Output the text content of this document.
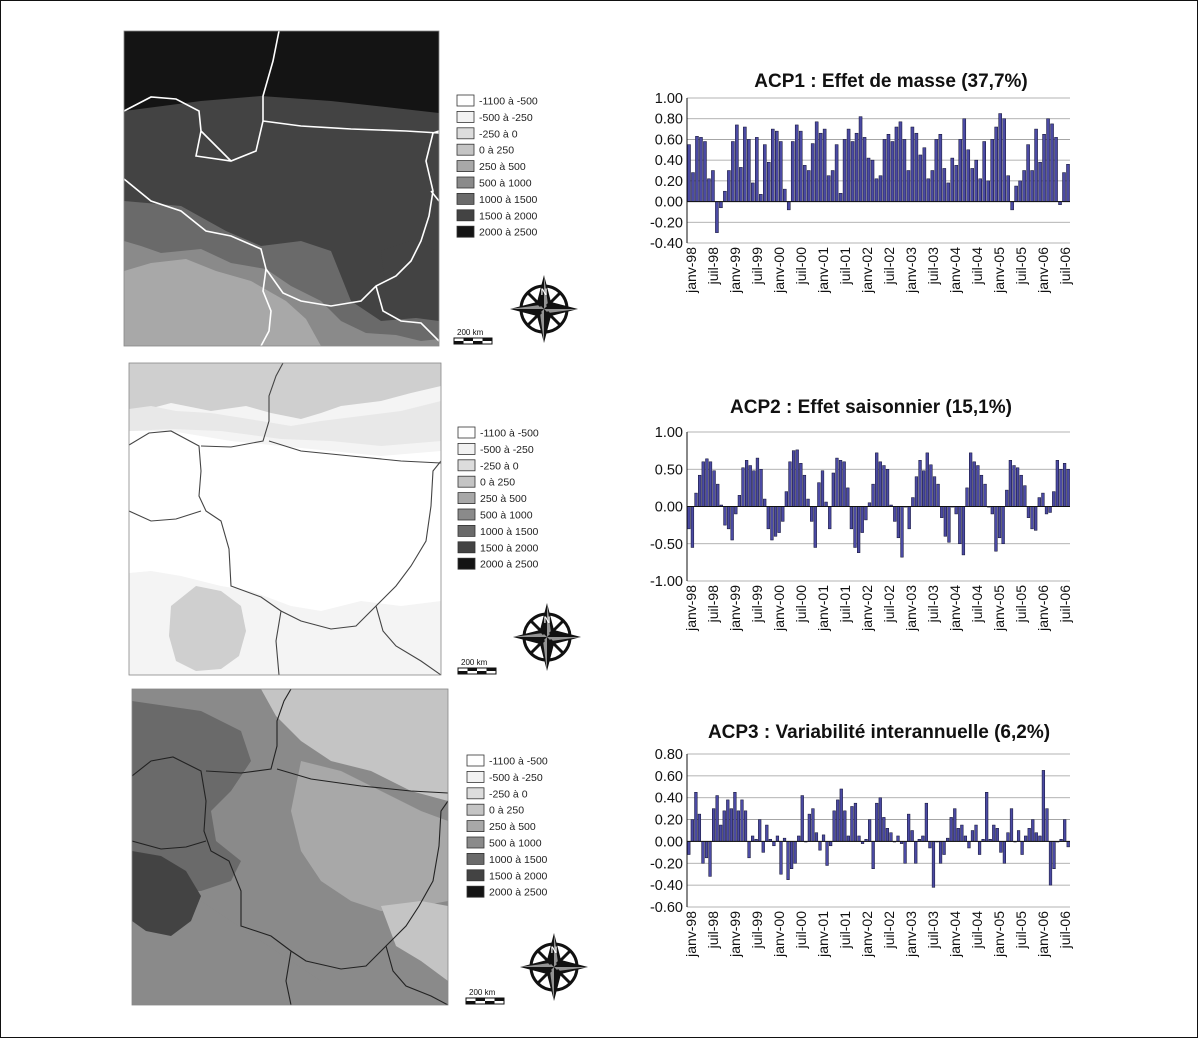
-1100 à -500
-500 à -250
-250 à 0
0 à 250
250 à 500
500 à 1000
1000 à 1500
1500 à 2000
2000 à 2500
-1100 à -500
-500 à -250
-250 à 0
0 à 250
250 à 500
500 à 1000
1000 à 1500
1500 à 2000
2000 à 2500
-1100 à -500
-500 à -250
-250 à 0
0 à 250
250 à 500
500 à 1000
1000 à 1500
1500 à 2000
2000 à 2500
N
N
N
200 km
200 km
200 km
ACP1 : Effet de masse (37,7%)
1.00
0.80
0.60
0.40
0.20
0.00
-0.20
-0.40
janv-98 juil-98 janv-99 juil-99 janv-00 juil-00 janv-01 juil-01 janv-02 juil-02 janv-03 juil-03 janv-04 juil-04 janv-05 juil-05 janv-06 juil-06
ACP2 : Effet saisonnier (15,1%)
1.00
0.50
0.00
-0.50
-1.00
janv-98 juil-98 janv-99 juil-99 janv-00 juil-00 janv-01 juil-01 janv-02 juil-02 janv-03 juil-03 janv-04 juil-04 janv-05 juil-05 janv-06 juil-06
ACP3 : Variabilité interannuelle (6,2%)
0.80
0.60
0.40
0.20
0.00
-0.20
-0.40
-0.60
janv-98 juil-98 janv-99 juil-99 janv-00 juil-00 janv-01 juil-01 janv-02 juil-02 janv-03 juil-03 janv-04 juil-04 janv-05 juil-05 janv-06 juil-06
